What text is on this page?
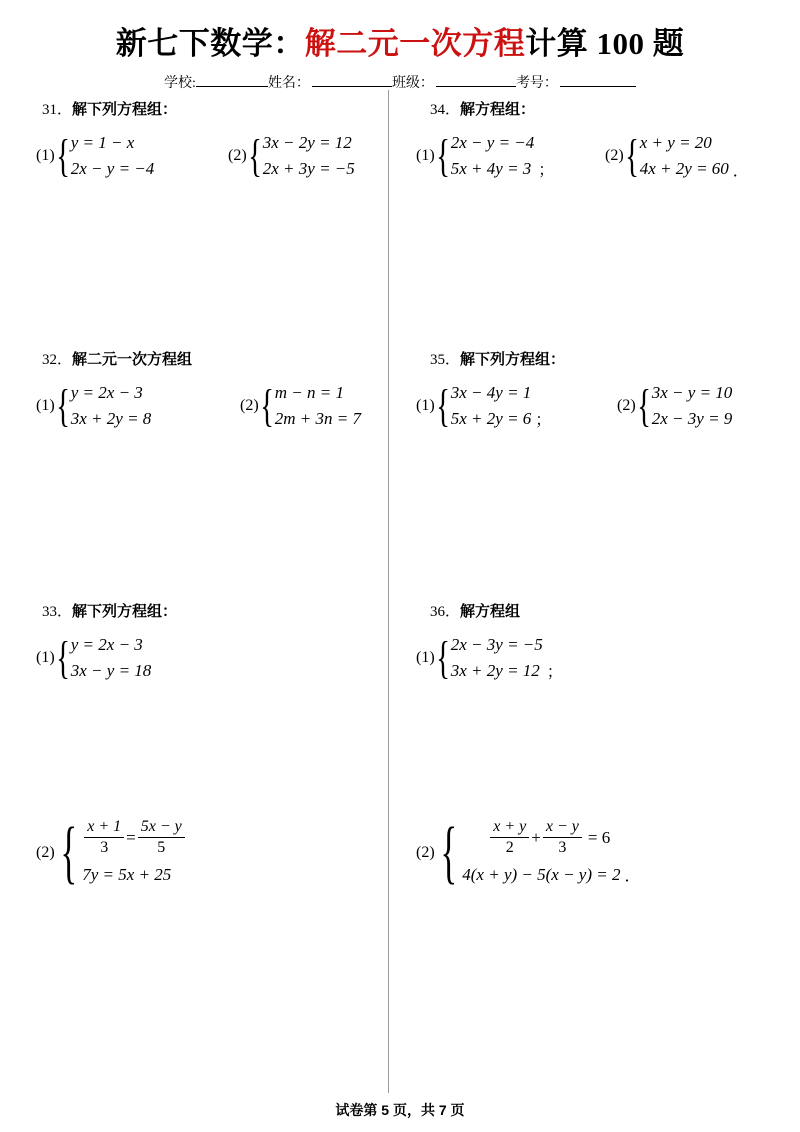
新七下数学：解二元一次方程计算 100 题
学校:	姓名：	班级：	考号：
31．解下列方程组：
(1) { y = 1 − x
2x − y = −4
(2) { 3x − 2y = 12
2x + 3y = −5
32．解二元一次方程组
(1) { y = 2x − 3
3x + 2y = 8
(2) { m − n = 1
2m + 3n = 7
33．解下列方程组：
(1) { y = 2x − 3
3x − y = 18
(2) { $\frac{x + 1}{3} = \frac{5x - y}{5}$
7y = 5x + 25
34．解方程组：
(1) { 2x − y = −4
5x + 4y = 3 ；
(2) { x + y = 20
4x + 2y = 60 ．
35．解下列方程组：
(1) { 3x − 4y = 1
5x + 2y = 6 ；
(2) { 3x − y = 10
2x − 3y = 9
36．解方程组
(1) { 2x − 3y = −5
3x + 2y = 12 ；
(2) { $\frac{x + y}{2} + \frac{x - y}{3} = 6$
4(x + y) − 5(x − y) = 2 ．
试卷第 5 页，共 7 页
